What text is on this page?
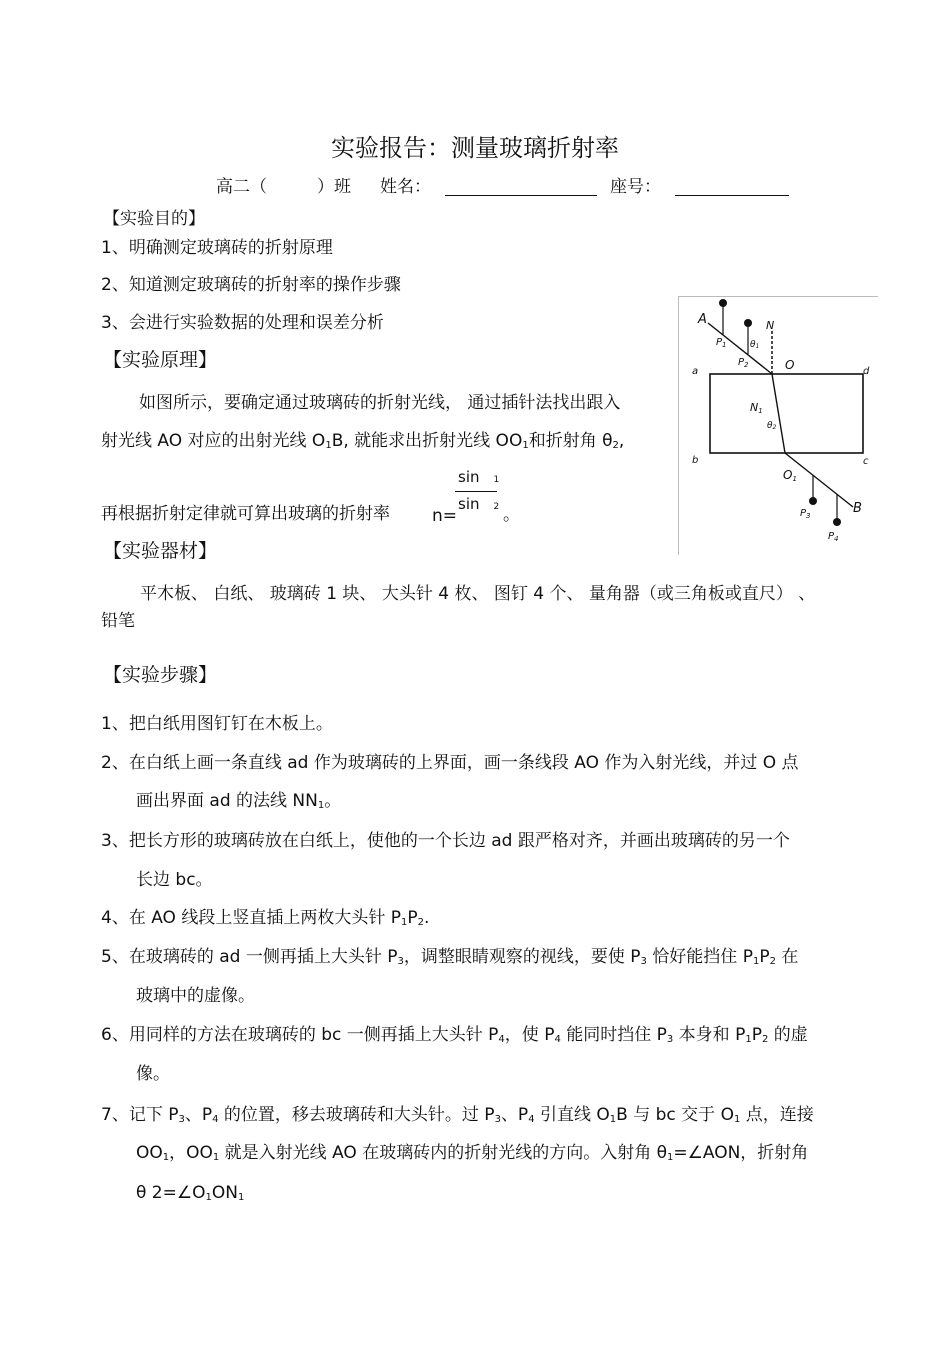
实验报告：测量玻璃折射率
高二（	）班 姓名：	座号：
【实验目的】
1、明确测定玻璃砖的折射原理
2、知道测定玻璃砖的折射率的操作步骤
3、会进行实验数据的处理和误差分析
【实验原理】
如图所示，要确定通过玻璃砖的折射光线， 通过插针法找出跟入
射光线 AO 对应的出射光线 $O_1B$, 就能求出折射光线 $OO_1$和折射角 $\theta_2$,
再根据折射定律就可算出玻璃的折射率 n=
sin 1
sin 2 。
A
B
N
N1
O
O1
a	d
b	c
$P_1$
$P_2$
$P_3$
$P_4$
θ1
θ2
【实验器材】
平木板、 白纸、 玻璃砖 1 块、 大头针 4 枚、 图钉 4 个、 量角器（或三角板或直尺） 、
铅笔
【实验步骤】
1、把白纸用图钉钉在木板上。
2、在白纸上画一条直线 ad 作为玻璃砖的上界面，画一条线段 AO 作为入射光线，并过 O 点
画出界面 ad 的法线 $NN_1$。
3、把长方形的玻璃砖放在白纸上，使他的一个长边 ad 跟严格对齐，并画出玻璃砖的另一个
长边 bc。
4、在 AO 线段上竖直插上两枚大头针 $P_1P_2$.
5、在玻璃砖的 ad 一侧再插上大头针 $P_3$，调整眼睛观察的视线，要使 $P_3$ 恰好能挡住 $P_1P_2$ 在
玻璃中的虚像。
6、用同样的方法在玻璃砖的 bc 一侧再插上大头针 $P_4$，使 $P_4$ 能同时挡住 $P_3$ 本身和 $P_1P_2$ 的虚
像。
7、记下 $P_3$、$P_4$ 的位置，移去玻璃砖和大头针。过 $P_3$、$P_4$ 引直线 $O_1B$ 与 bc 交于 $O_1$ 点，连接
$OO_1$，$OO_1$ 就是入射光线 AO 在玻璃砖内的折射光线的方向。入射角 $\theta_1=\angle AON$，折射角
θ $2=\angle O_1ON_1$
